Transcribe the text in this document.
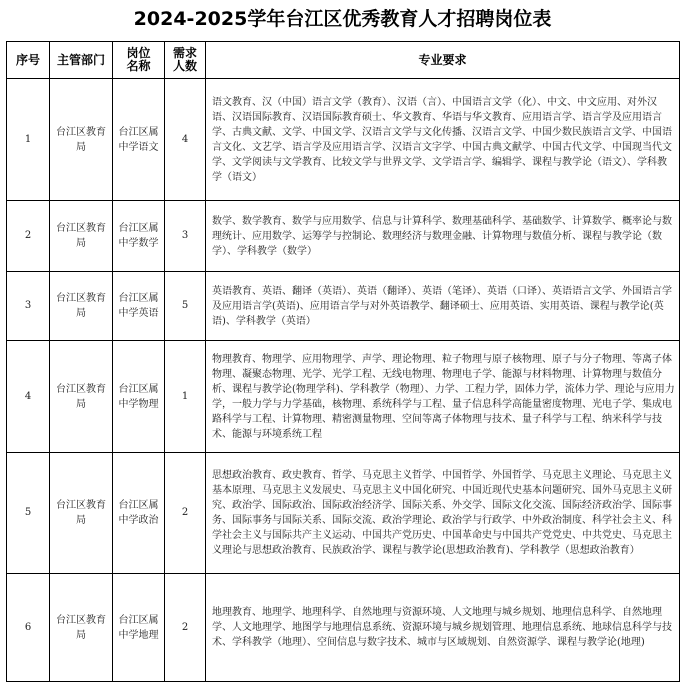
2024-2025学年台江区优秀教育人才招聘岗位表
序号	主管部门	岗位名称	需求人数	专业要求
1	台江区教育局	台江区属中学语文	4	语文教育、汉（中国）语言文学（教育）、汉语（言）、中国语言文学（化）、中文、中文应用、对外汉语、汉语国际教育、汉语国际教育硕士、华文教育、华语与华文教育、应用语言学、语言学及应用语言学、古典文献、文学、中国文学、汉语言文学与文化传播、汉语言文学、中国少数民族语言文学、中国语言文化、文艺学、语言学及应用语言学、汉语言文字学、中国古典文献学、中国古代文学、中国现当代文学、文学阅读与文学教育、比较文学与世界文学、文学语言学、编辑学、课程与教学论（语文）、学科教学（语文）
2	台江区教育局	台江区属中学数学	3	数学、数学教育、数学与应用数学、信息与计算科学、数理基础科学、基础数学、计算数学、概率论与数理统计、应用数学、运筹学与控制论、数理经济与数理金融、计算物理与数值分析、课程与教学论（数学）、学科教学（数学）
3	台江区教育局	台江区属中学英语	5	英语教育、英语、翻译（英语）、英语（翻译）、英语（笔译）、英语（口译）、英语语言文学、外国语言学及应用语言学(英语)、应用语言学与对外英语教学、翻译硕士、应用英语、实用英语、课程与教学论(英语)、学科教学（英语）
4	台江区教育局	台江区属中学物理	1	物理教育、物理学、应用物理学、声学、理论物理、粒子物理与原子核物理、原子与分子物理、等离子体物理、凝聚态物理、光学、光学工程、无线电物理、物理电子学、能源与材料物理、计算物理与数值分析、课程与教学论(物理学科)、学科教学（物理）、力学、工程力学，固体力学，流体力学、理论与应用力学，一般力学与力学基础，核物理、系统科学与工程、量子信息科学高能量密度物理、光电子学、集成电路科学与工程、计算物理、精密测量物理、空间等离子体物理与技术、量子科学与工程、纳米科学与技术、能源与环境系统工程
5	台江区教育局	台江区属中学政治	2	思想政治教育、政史教育、哲学、马克思主义哲学、中国哲学、外国哲学、马克思主义理论、马克思主义基本原理、马克思主义发展史、马克思主义中国化研究、中国近现代史基本问题研究、国外马克思主义研究、政治学、国际政治、国际政治经济学、国际关系、外交学、国际文化交流、国际经济政治学、国际事务、国际事务与国际关系、国际交流、政治学理论、政治学与行政学、中外政治制度、科学社会主义、科学社会主义与国际共产主义运动、中国共产党历史、中国革命史与中国共产党党史、中共党史、马克思主义理论与思想政治教育、民族政治学、课程与教学论(思想政治教育)、学科教学（思想政治教育）
6	台江区教育局	台江区属中学地理	2	地理教育、地理学、地理科学、自然地理与资源环境、人文地理与城乡规划、地理信息科学、自然地理学、人文地理学、地图学与地理信息系统、资源环境与城乡规划管理、地理信息系统、地球信息科学与技术、学科教学（地理）、空间信息与数字技术、城市与区域规划、自然资源学、课程与教学论(地理)
